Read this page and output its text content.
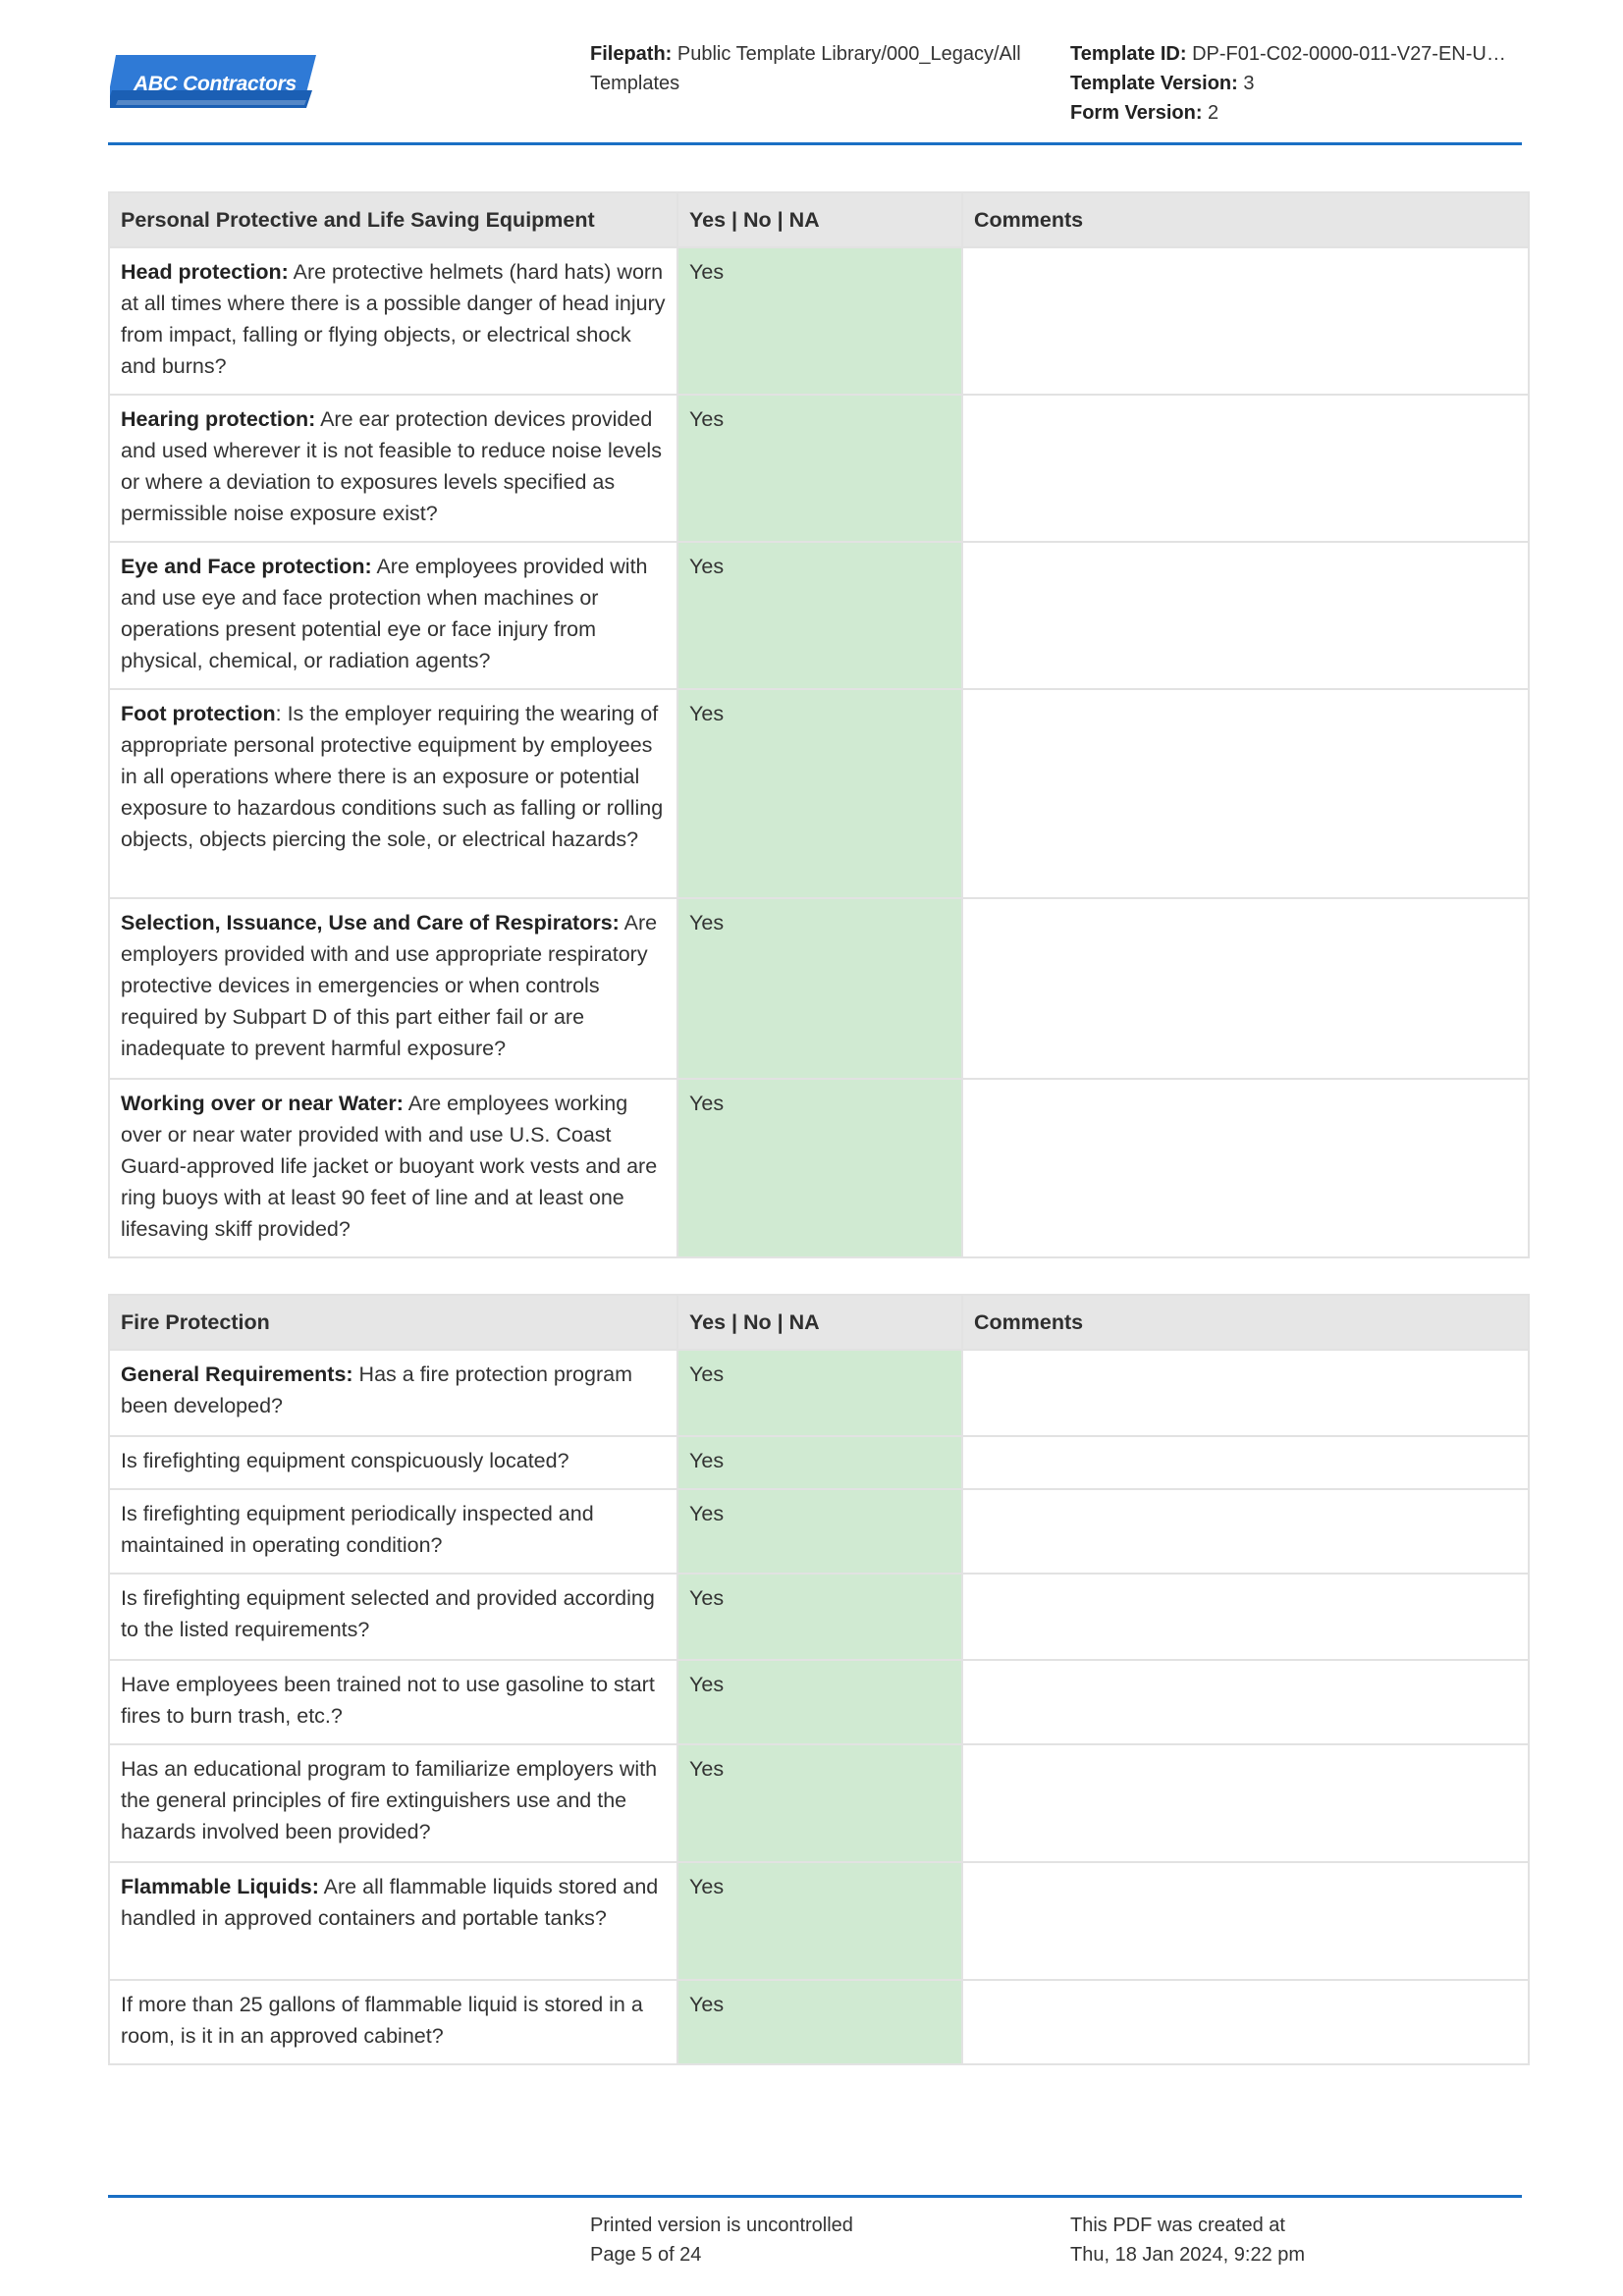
ABC Contractors
EXAMPLE CONTRACTOR COMPANY
Filepath: Public Template Library/000_Legacy/All Templates
Template ID: DP-F01-C02-0000-011-V27-EN-U…
Template Version: 3
Form Version: 2
Personal Protective and Life Saving Equipment	Yes | No | NA	Comments
Head protection: Are protective helmets (hard hats) worn at all times where there is a possible danger of head injury from impact, falling or flying objects, or electrical shock and burns?	Yes	
Hearing protection: Are ear protection devices provided and used wherever it is not feasible to reduce noise levels or where a deviation to exposures levels specified as permissible noise exposure exist?	Yes	
Eye and Face protection: Are employees provided with and use eye and face protection when machines or operations present potential eye or face injury from physical, chemical, or radiation agents?	Yes	
Foot protection: Is the employer requiring the wearing of appropriate personal protective equipment by employees in all operations where there is an exposure or potential exposure to hazardous conditions such as falling or rolling objects, objects piercing the sole, or electrical hazards?	Yes	
Selection, Issuance, Use and Care of Respirators: Are employers provided with and use appropriate respiratory protective devices in emergencies or when controls required by Subpart D of this part either fail or are inadequate to prevent harmful exposure?	Yes	
Working over or near Water: Are employees working over or near water provided with and use U.S. Coast Guard-approved life jacket or buoyant work vests and are ring buoys with at least 90 feet of line and at least one lifesaving skiff provided?	Yes	
Fire Protection	Yes | No | NA	Comments
General Requirements: Has a fire protection program been developed?	Yes	
Is firefighting equipment conspicuously located?	Yes	
Is firefighting equipment periodically inspected and maintained in operating condition?	Yes	
Is firefighting equipment selected and provided according to the listed requirements?	Yes	
Have employees been trained not to use gasoline to start fires to burn trash, etc.?	Yes	
Has an educational program to familiarize employers with the general principles of fire extinguishers use and the hazards involved been provided?	Yes	
Flammable Liquids: Are all flammable liquids stored and handled in approved containers and portable tanks?	Yes	
If more than 25 gallons of flammable liquid is stored in a room, is it in an approved cabinet?	Yes	
Printed version is uncontrolled
Page 5 of 24
This PDF was created at
Thu, 18 Jan 2024, 9:22 pm
